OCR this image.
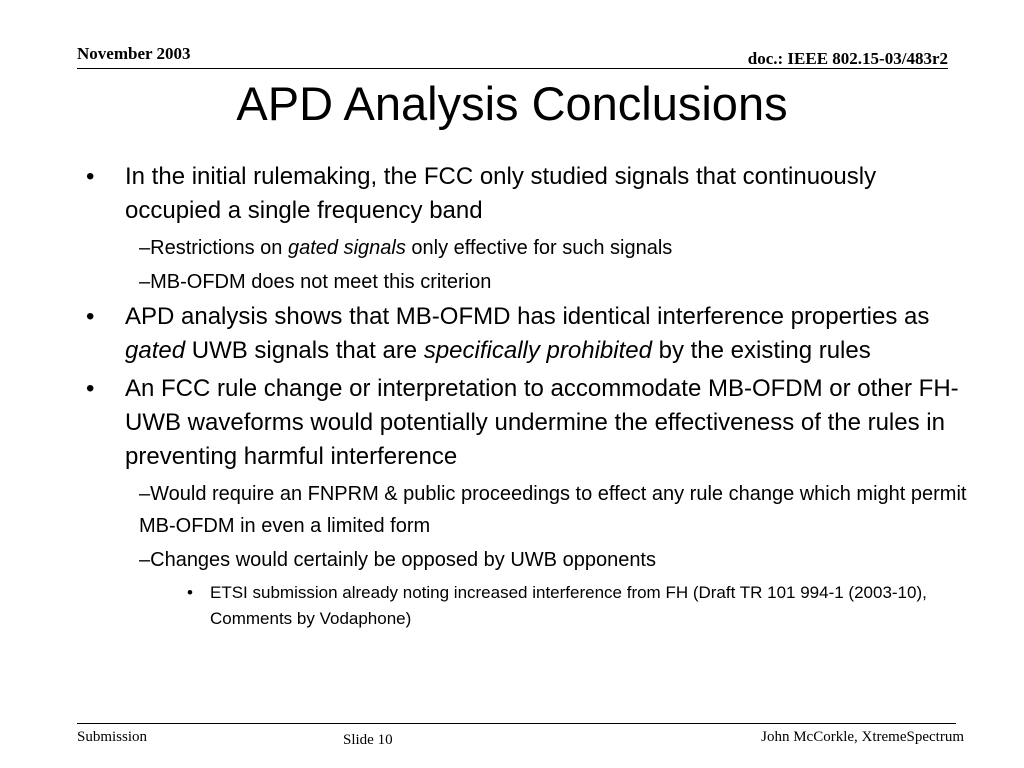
November 2003	doc.: IEEE 802.15-03/483r2
APD Analysis Conclusions
• In the initial rulemaking, the FCC only studied signals that continuously occupied a single frequency band
–Restrictions on gated signals only effective for such signals
–MB-OFDM does not meet this criterion
• APD analysis shows that MB-OFMD has identical interference properties as gated UWB signals that are specifically prohibited by the existing rules
• An FCC rule change or interpretation to accommodate MB-OFDM or other FH-UWB waveforms would potentially undermine the effectiveness of the rules in preventing harmful interference
–Would require an FNPRM & public proceedings to effect any rule change which might permit MB-OFDM in even a limited form
–Changes would certainly be opposed by UWB opponents
• ETSI submission already noting increased interference from FH (Draft TR 101 994-1 (2003-10), Comments by Vodaphone)
Submission	Slide 10	John McCorkle, XtremeSpectrum
